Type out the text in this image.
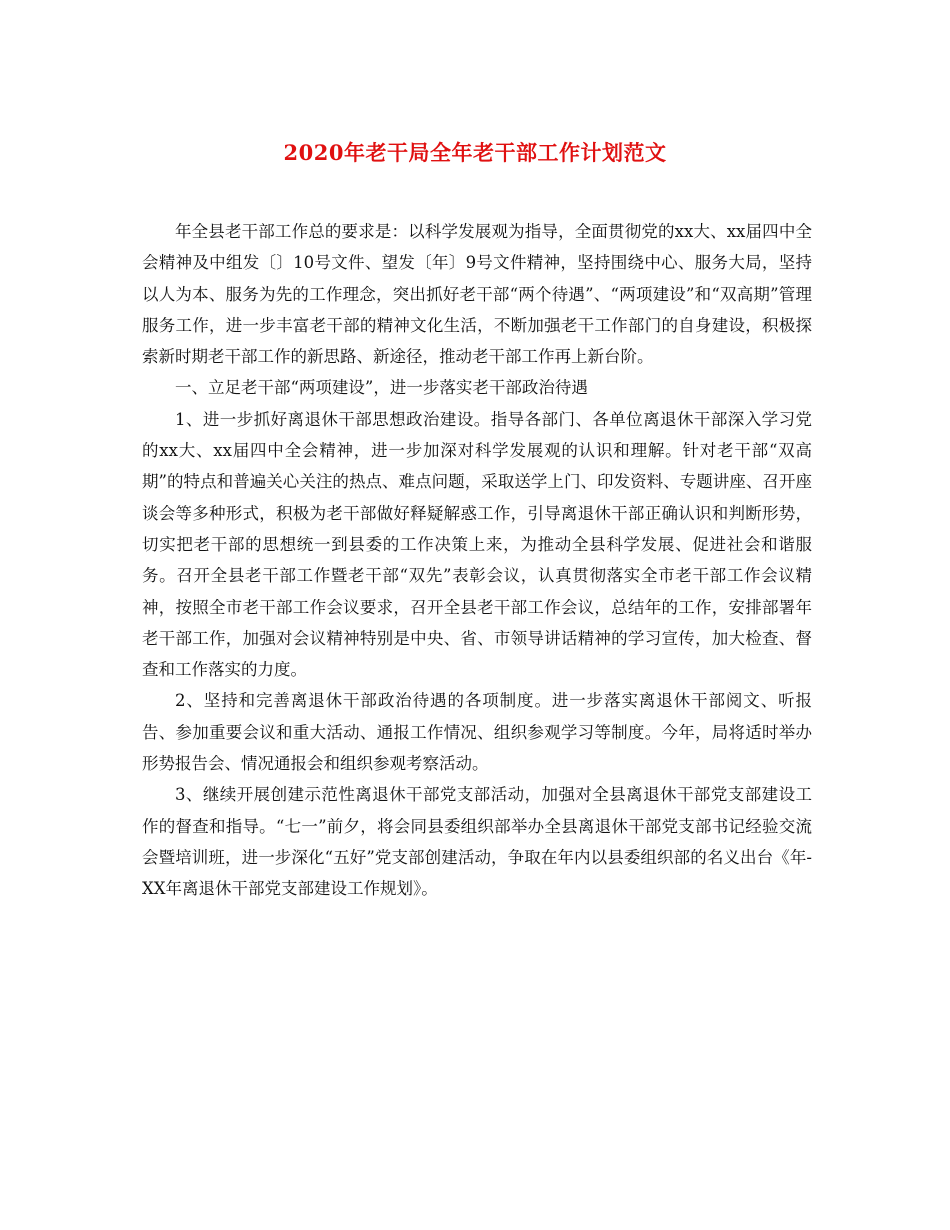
2020年老干局全年老干部工作计划范文

年全县老干部工作总的要求是：以科学发展观为指导，全面贯彻党的xx大、xx届四中全会精神及中组发〔〕10号文件、望发〔年〕9号文件精神，坚持围绕中心、服务大局，坚持以人为本、服务为先的工作理念，突出抓好老干部“两个待遇”、“两项建设”和“双高期”管理服务工作，进一步丰富老干部的精神文化生活，不断加强老干工作部门的自身建设，积极探索新时期老干部工作的新思路、新途径，推动老干部工作再上新台阶。

一、立足老干部“两项建设”，进一步落实老干部政治待遇

1、进一步抓好离退休干部思想政治建设。指导各部门、各单位离退休干部深入学习党的xx大、xx届四中全会精神，进一步加深对科学发展观的认识和理解。针对老干部“双高期”的特点和普遍关心关注的热点、难点问题，采取送学上门、印发资料、专题讲座、召开座谈会等多种形式，积极为老干部做好释疑解惑工作，引导离退休干部正确认识和判断形势，切实把老干部的思想统一到县委的工作决策上来，为推动全县科学发展、促进社会和谐服务。召开全县老干部工作暨老干部“双先”表彰会议，认真贯彻落实全市老干部工作会议精神，按照全市老干部工作会议要求，召开全县老干部工作会议，总结年的工作，安排部署年老干部工作，加强对会议精神特别是中央、省、市领导讲话精神的学习宣传，加大检查、督查和工作落实的力度。

2、坚持和完善离退休干部政治待遇的各项制度。进一步落实离退休干部阅文、听报告、参加重要会议和重大活动、通报工作情况、组织参观学习等制度。今年，局将适时举办形势报告会、情况通报会和组织参观考察活动。

3、继续开展创建示范性离退休干部党支部活动，加强对全县离退休干部党支部建设工作的督查和指导。“七一”前夕，将会同县委组织部举办全县离退休干部党支部书记经验交流会暨培训班，进一步深化“五好”党支部创建活动，争取在年内以县委组织部的名义出台《年-XX年离退休干部党支部建设工作规划》。
